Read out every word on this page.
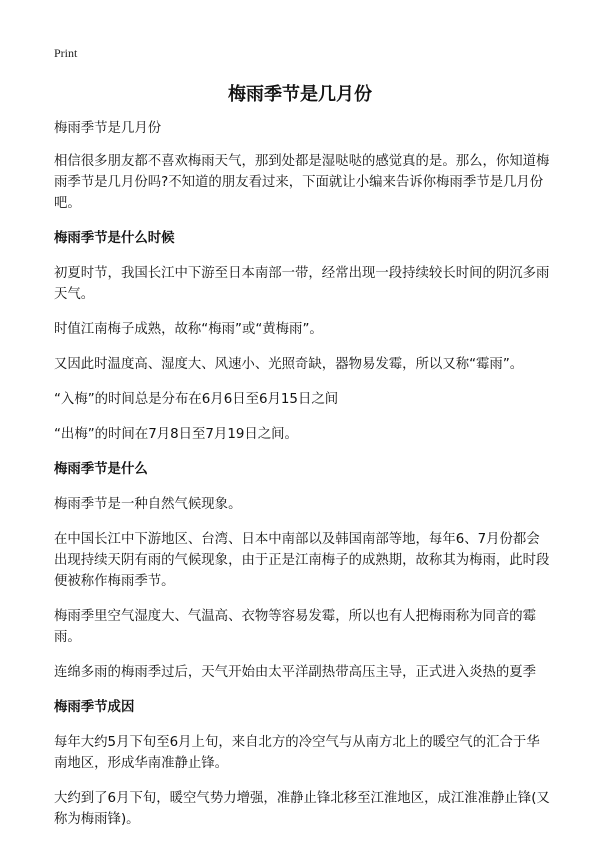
Print
梅雨季节是几月份

梅雨季节是几月份

相信很多朋友都不喜欢梅雨天气，那到处都是湿哒哒的感觉真的是。那么，你知道梅雨季节是几月份吗?不知道的朋友看过来，下面就让小编来告诉你梅雨季节是几月份吧。

梅雨季节是什么时候

初夏时节，我国长江中下游至日本南部一带，经常出现一段持续较长时间的阴沉多雨天气。

时值江南梅子成熟，故称“梅雨”或“黄梅雨”。

又因此时温度高、湿度大、风速小、光照奇缺，器物易发霉，所以又称“霉雨”。

“入梅”的时间总是分布在6月6日至6月15日之间

“出梅”的时间在7月8日至7月19日之间。

梅雨季节是什么

梅雨季节是一种自然气候现象。

在中国长江中下游地区、台湾、日本中南部以及韩国南部等地，每年6、7月份都会出现持续天阴有雨的气候现象，由于正是江南梅子的成熟期，故称其为梅雨，此时段便被称作梅雨季节。

梅雨季里空气湿度大、气温高、衣物等容易发霉，所以也有人把梅雨称为同音的霉雨。

连绵多雨的梅雨季过后，天气开始由太平洋副热带高压主导，正式进入炎热的夏季

梅雨季节成因

每年大约5月下旬至6月上旬，来自北方的冷空气与从南方北上的暖空气的汇合于华南地区，形成华南准静止锋。

大约到了6月下旬，暖空气势力增强，准静止锋北移至江淮地区，成江淮准静止锋(又称为梅雨锋)。
